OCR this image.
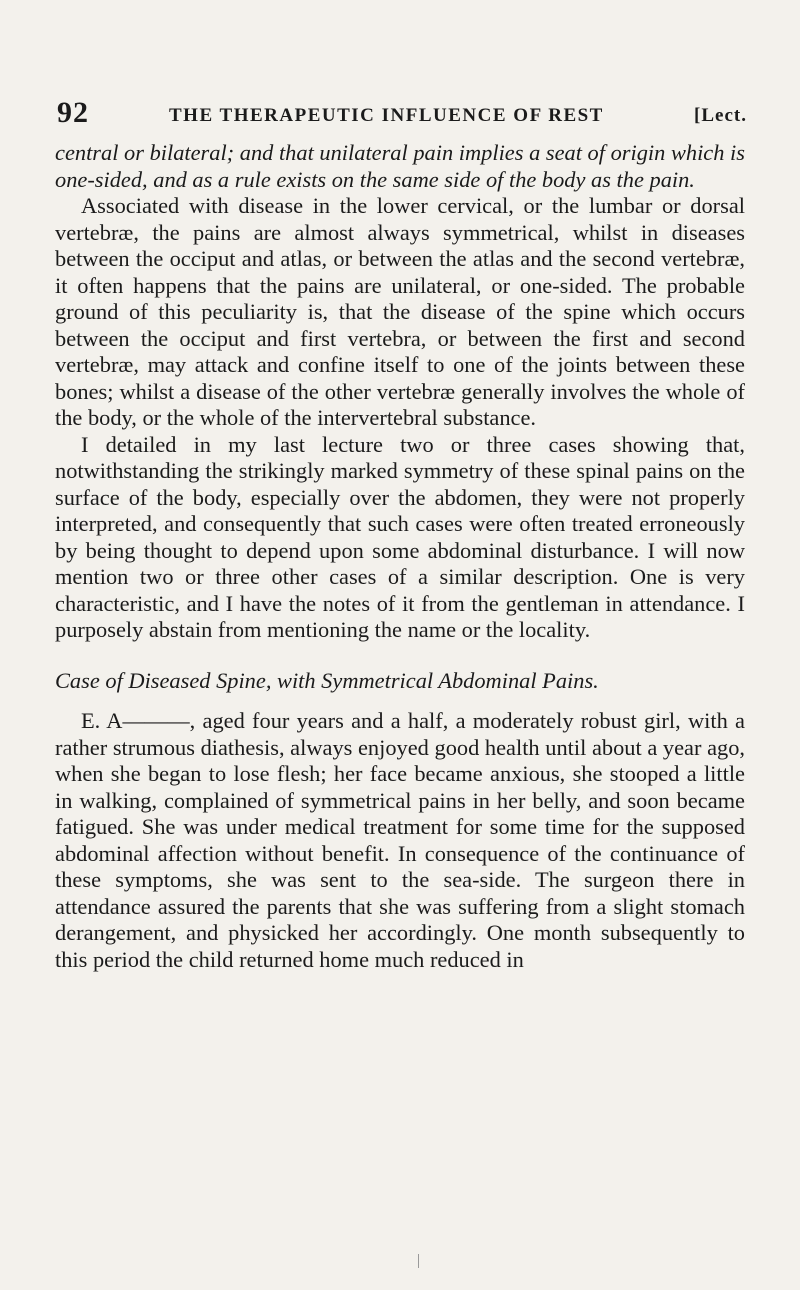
92	THE THERAPEUTIC INFLUENCE OF REST	[Lect.

central or bilateral; and that unilateral pain implies a seat of origin which is one-sided, and as a rule exists on the same side of the body as the pain.

Associated with disease in the lower cervical, or the lumbar or dorsal vertebræ, the pains are almost always symmetrical, whilst in diseases between the occiput and atlas, or between the atlas and the second vertebræ, it often happens that the pains are unilateral, or one-sided. The probable ground of this peculiarity is, that the disease of the spine which occurs between the occiput and first vertebra, or between the first and second vertebræ, may attack and confine itself to one of the joints between these bones; whilst a disease of the other vertebræ generally involves the whole of the body, or the whole of the intervertebral substance.

I detailed in my last lecture two or three cases showing that, notwithstanding the strikingly marked symmetry of these spinal pains on the surface of the body, especially over the abdomen, they were not properly interpreted, and consequently that such cases were often treated erroneously by being thought to depend upon some abdominal disturbance. I will now mention two or three other cases of a similar description. One is very characteristic, and I have the notes of it from the gentleman in attendance. I purposely abstain from mentioning the name or the locality.

Case of Diseased Spine, with Symmetrical Abdominal Pains.

E. A———, aged four years and a half, a moderately robust girl, with a rather strumous diathesis, always enjoyed good health until about a year ago, when she began to lose flesh; her face became anxious, she stooped a little in walking, complained of symmetrical pains in her belly, and soon became fatigued. She was under medical treatment for some time for the supposed abdominal affection without benefit. In consequence of the continuance of these symptoms, she was sent to the sea-side. The surgeon there in attendance assured the parents that she was suffering from a slight stomach derangement, and physicked her accordingly. One month subsequently to this period the child returned home much reduced in
